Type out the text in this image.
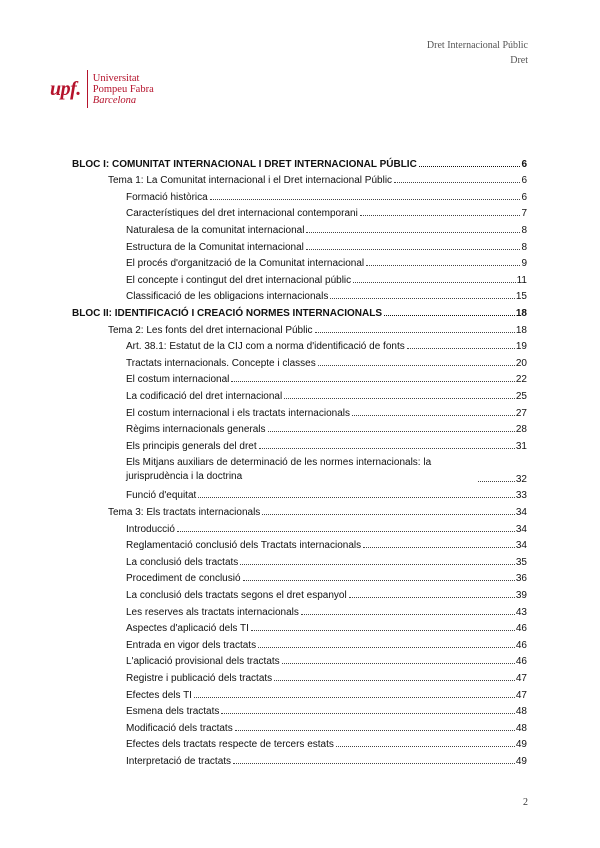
Dret Internacional Públic
Dret
upf. Universitat
Pompeu Fabra
Barcelona
BLOC I: COMUNITAT INTERNACIONAL I DRET INTERNACIONAL PÚBLIC	6
Tema 1: La Comunitat internacional i el Dret internacional Públic	6
Formació històrica	6
Característiques del dret internacional contemporani	7
Naturalesa de la comunitat internacional	8
Estructura de la Comunitat internacional	8
El procés d'organització de la Comunitat internacional	9
El concepte i contingut del dret internacional públic	11
Classificació de les obligacions internacionals	15
BLOC II: IDENTIFICACIÓ I CREACIÓ NORMES INTERNACIONALS	18
Tema 2: Les fonts del dret internacional Públic	18
Art. 38.1: Estatut de la CIJ com a norma d'identificació de fonts	19
Tractats internacionals. Concepte i classes	20
El costum internacional	22
La codificació del dret internacional	25
El costum internacional i els tractats internacionals	27
Règims internacionals generals	28
Els principis generals del dret	31
Els Mitjans auxiliars de determinació de les normes internacionals: la jurisprudència i la doctrina	32
Funció d'equitat	33
Tema 3: Els tractats internacionals	34
Introducció	34
Reglamentació conclusió dels Tractats internacionals	34
La conclusió dels tractats	35
Procediment de conclusió	36
La conclusió dels tractats segons el dret espanyol	39
Les reserves als tractats internacionals	43
Aspectes d'aplicació dels TI	46
Entrada en vigor dels tractats	46
L'aplicació provisional dels tractats	46
Registre i publicació dels tractats	47
Efectes dels TI	47
Esmena dels tractats	48
Modificació dels tractats	48
Efectes dels tractats respecte de tercers estats	49
Interpretació de tractats	49
2
